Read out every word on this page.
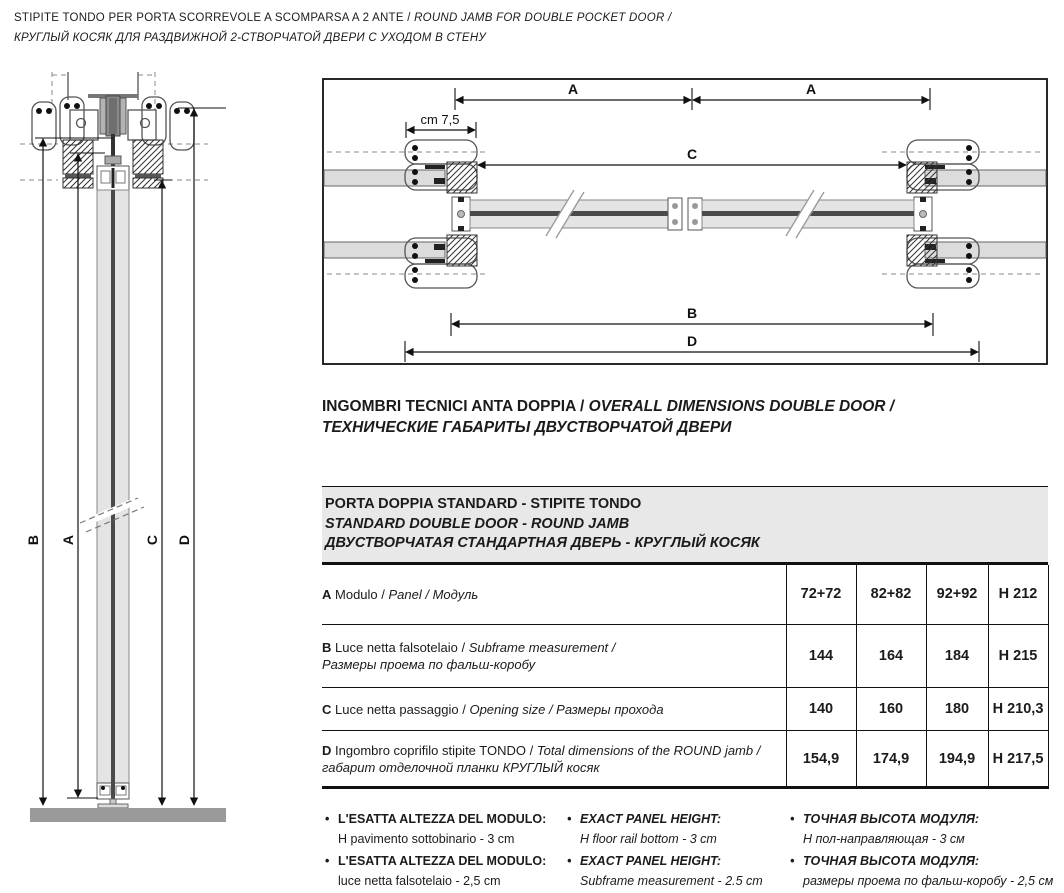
STIPITE TONDO PER PORTA SCORREVOLE A SCOMPARSA A 2 ANTE / ROUND JAMB FOR DOUBLE POCKET DOOR /
КРУГЛЫЙ КОСЯК ДЛЯ РАЗДВИЖНОЙ 2-СТВОРЧАТОЙ ДВЕРИ С УХОДОМ В СТЕНУ
B A	C D
A	A
cm 7,5
C
B
D
INGOMBRI TECNICI ANTA DOPPIA / OVERALL DIMENSIONS DOUBLE DOOR /
ТЕХНИЧЕСКИЕ ГАБАРИТЫ ДВУСТВОРЧАТОЙ ДВЕРИ
PORTA DOPPIA STANDARD - STIPITE TONDO
STANDARD DOUBLE DOOR - ROUND JAMB
ДВУСТВОРЧАТАЯ СТАНДАРТНАЯ ДВЕРЬ - КРУГЛЫЙ КОСЯК
A Modulo / Panel / Модуль	72+72	82+82	92+92	H 212

B Luce netta falsotelaio / Subframe measurement /
Размеры проема по фальш-коробу	144	164	184	H 215
C Luce netta passaggio / Opening size / Размеры прохода	140	160	180	H 210,3

D Ingombro coprifilo stipite TONDO / Total dimensions of the ROUND jamb /
габарит отделочной планки КРУГЛЫЙ косяк	154,9	174,9	194,9	H 217,5
• L'ESATTA ALTEZZA DEL MODULO:
H pavimento sottobinario - 3 cm
• L'ESATTA ALTEZZA DEL MODULO:
luce netta falsotelaio - 2,5 cm
• EXACT PANEL HEIGHT:
H floor rail bottom - 3 cm
• EXACT PANEL HEIGHT:
Subframe measurement - 2.5 cm
• ТОЧНАЯ ВЫСОТА МОДУЛЯ:
Н пол-направляющая - 3 см
• ТОЧНАЯ ВЫСОТА МОДУЛЯ:
размеры проема по фальш-коробу - 2,5 см
